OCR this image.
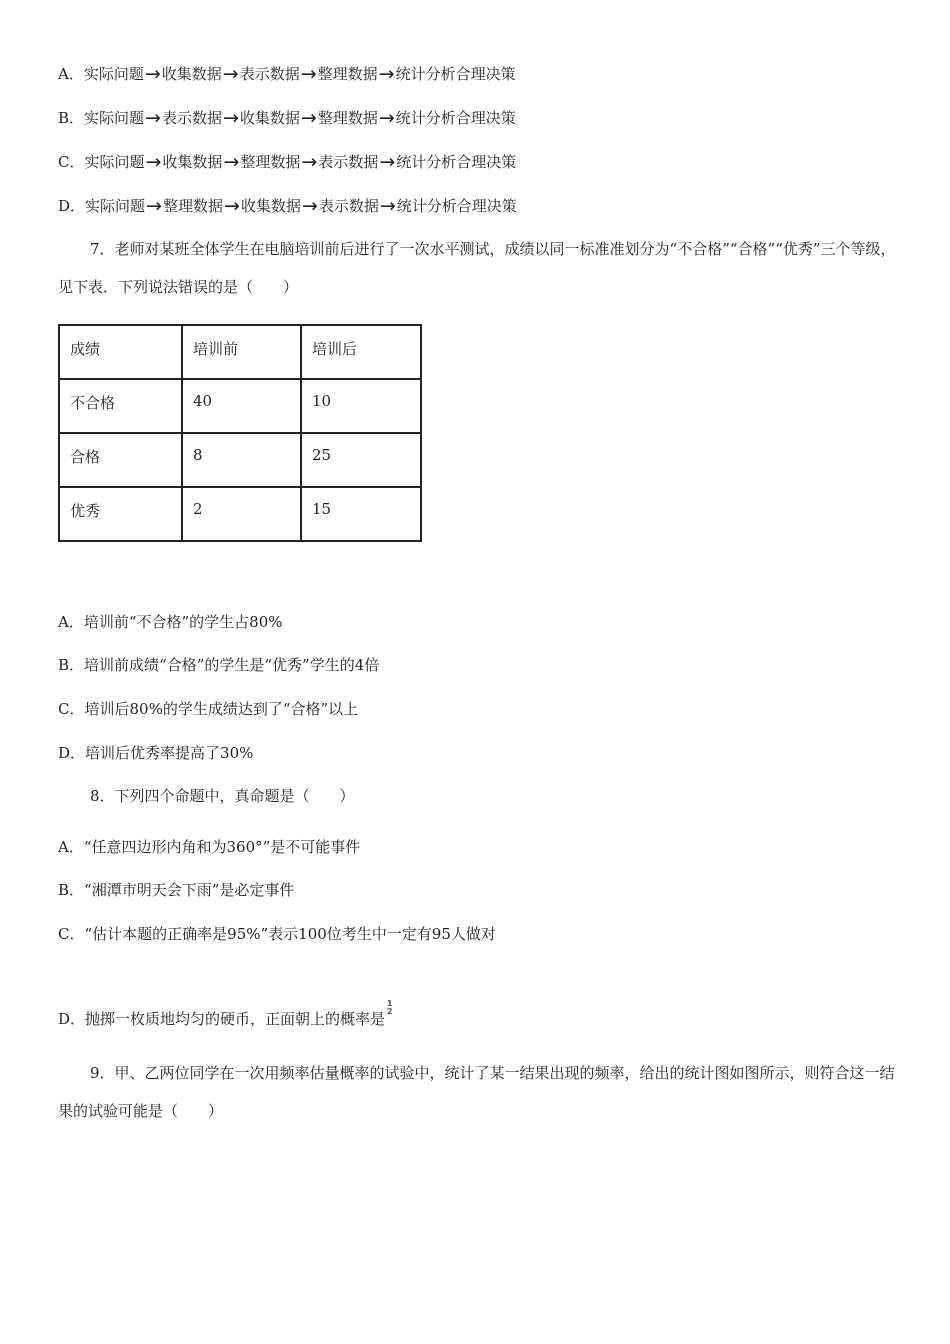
A．实际问题→收集数据→表示数据→整理数据→统计分析合理决策
B．实际问题→表示数据→收集数据→整理数据→统计分析合理决策
C．实际问题→收集数据→整理数据→表示数据→统计分析合理决策
D．实际问题→整理数据→收集数据→表示数据→统计分析合理决策
7．老师对某班全体学生在电脑培训前后进行了一次水平测试，成绩以同一标准准划分为“不合格”“合格”“优秀”三个等级，见下表．下列说法错误的是（　　）
成绩	培训前	培训后
不合格	40	10
合格	8	25
优秀	2	15
A．培训前“不合格”的学生占80%
B．培训前成绩“合格”的学生是“优秀”学生的4倍
C．培训后80%的学生成绩达到了“合格”以上
D．培训后优秀率提高了30%
8．下列四个命题中，真命题是（　　）
A．“任意四边形内角和为360°”是不可能事件
B．“湘潭市明天会下雨”是必定事件
C．“估计本题的正确率是95%”表示100位考生中一定有95人做对
D．抛掷一枚质地均匀的硬币，正面朝上的概率是
1
2
9．甲、乙两位同学在一次用频率估量概率的试验中，统计了某一结果出现的频率，给出的统计图如图所示，则符合这一结果的试验可能是（　　）
